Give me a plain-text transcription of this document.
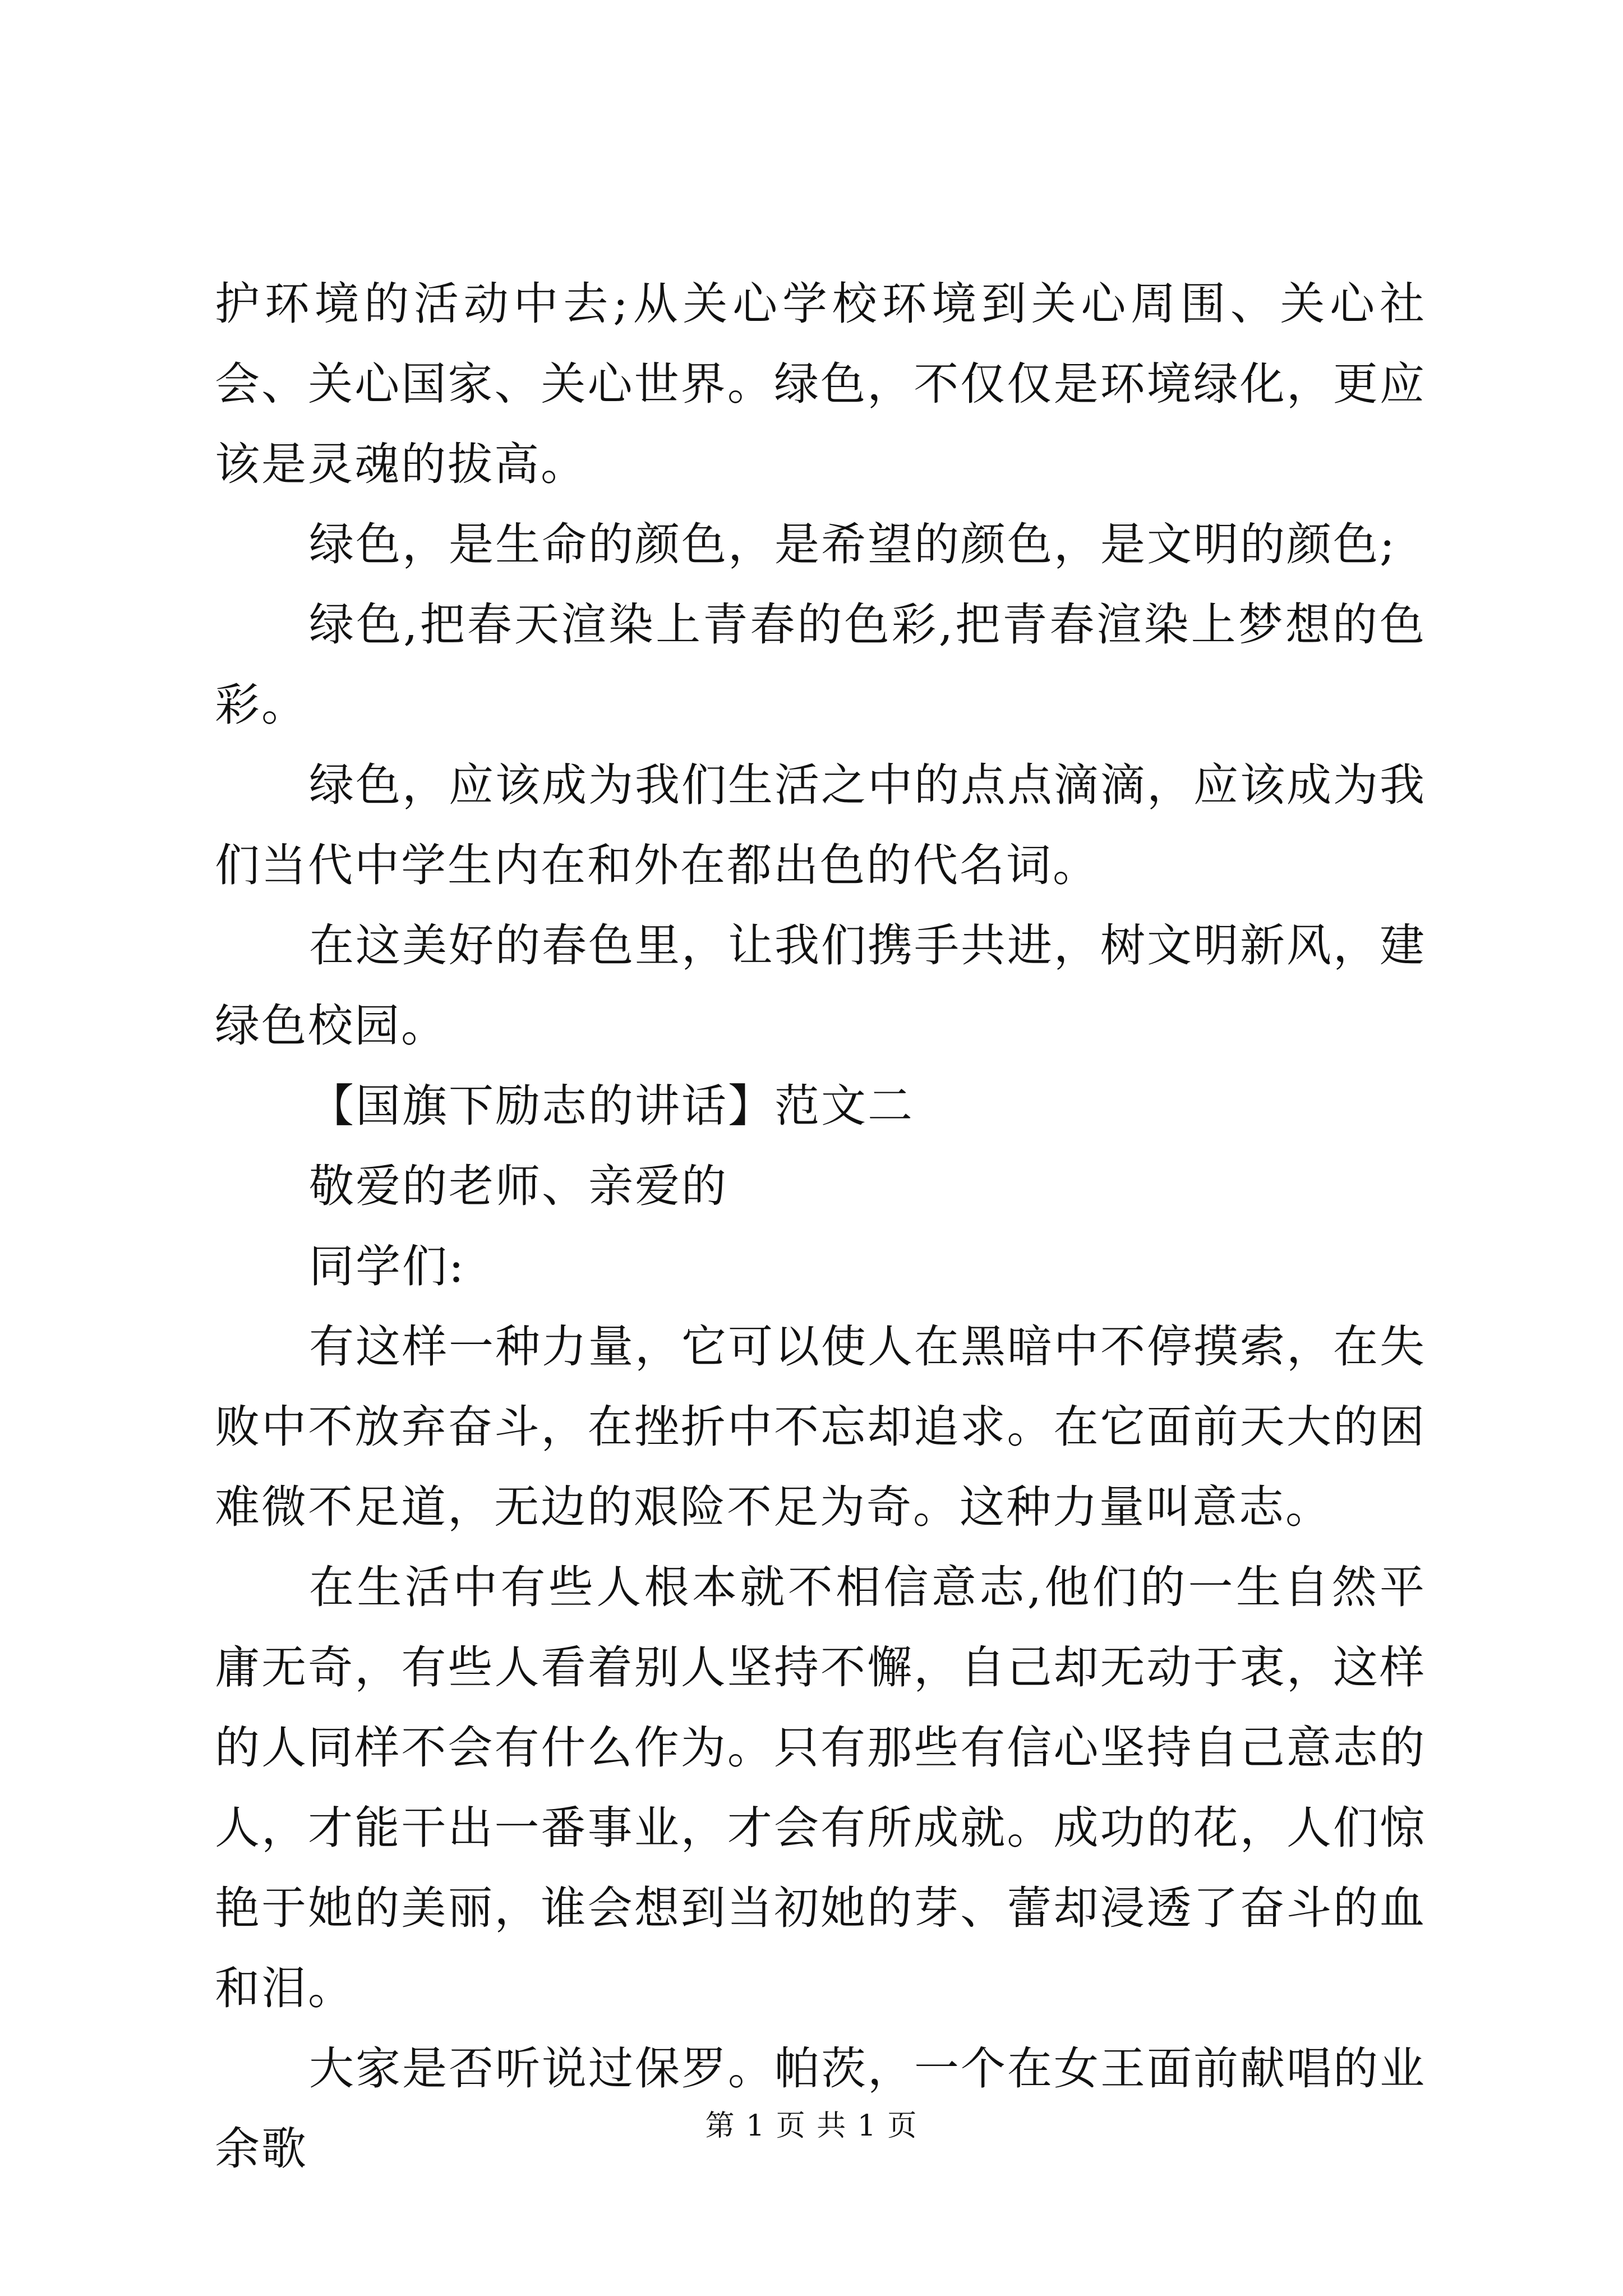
护环境的活动中去;从关心学校环境到关心周围、关心社会、关心国家、关心世界。绿色，不仅仅是环境绿化，更应该是灵魂的拔高。

绿色，是生命的颜色，是希望的颜色，是文明的颜色;

绿色,把春天渲染上青春的色彩,把青春渲染上梦想的色彩。

绿色，应该成为我们生活之中的点点滴滴，应该成为我们当代中学生内在和外在都出色的代名词。

在这美好的春色里，让我们携手共进，树文明新风，建绿色校园。

【国旗下励志的讲话】范文二

敬爱的老师、亲爱的

同学们:

有这样一种力量，它可以使人在黑暗中不停摸索，在失败中不放弃奋斗，在挫折中不忘却追求。在它面前天大的困难微不足道，无边的艰险不足为奇。这种力量叫意志。

在生活中有些人根本就不相信意志,他们的一生自然平庸无奇，有些人看着别人坚持不懈，自己却无动于衷，这样的人同样不会有什么作为。只有那些有信心坚持自己意志的人，才能干出一番事业，才会有所成就。成功的花，人们惊艳于她的美丽，谁会想到当初她的芽、蕾却浸透了奋斗的血和泪。

大家是否听说过保罗。帕茨，一个在女王面前献唱的业余歌	第 1 页 共 1 页
